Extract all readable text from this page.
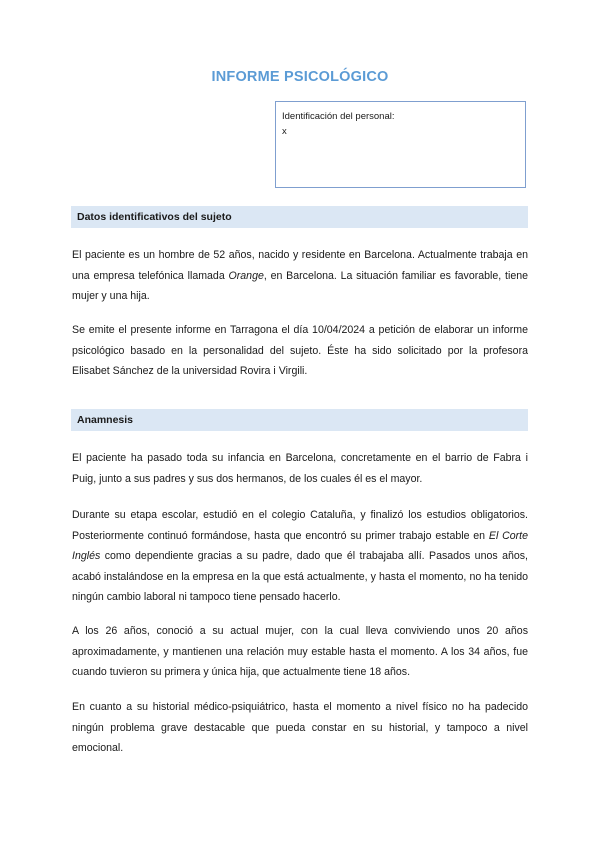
INFORME PSICOLÓGICO
Identificación del personal:
x
Datos identificativos del sujeto

El paciente es un hombre de 52 años, nacido y residente en Barcelona. Actualmente trabaja en una empresa telefónica llamada Orange, en Barcelona. La situación familiar es favorable, tiene mujer y una hija.

Se emite el presente informe en Tarragona el día 10/04/2024 a petición de elaborar un informe psicológico basado en la personalidad del sujeto. Éste ha sido solicitado por la profesora Elisabet Sánchez de la universidad Rovira i Virgili.

Anamnesis

El paciente ha pasado toda su infancia en Barcelona, concretamente en el barrio de Fabra i Puig, junto a sus padres y sus dos hermanos, de los cuales él es el mayor.

Durante su etapa escolar, estudió en el colegio Cataluña, y finalizó los estudios obligatorios. Posteriormente continuó formándose, hasta que encontró su primer trabajo estable en El Corte Inglés como dependiente gracias a su padre, dado que él trabajaba allí. Pasados unos años, acabó instalándose en la empresa en la que está actualmente, y hasta el momento, no ha tenido ningún cambio laboral ni tampoco tiene pensado hacerlo.

A los 26 años, conoció a su actual mujer, con la cual lleva conviviendo unos 20 años aproximadamente, y mantienen una relación muy estable hasta el momento. A los 34 años, fue cuando tuvieron su primera y única hija, que actualmente tiene 18 años.

En cuanto a su historial médico-psiquiátrico, hasta el momento a nivel físico no ha padecido ningún problema grave destacable que pueda constar en su historial, y tampoco a nivel emocional.
